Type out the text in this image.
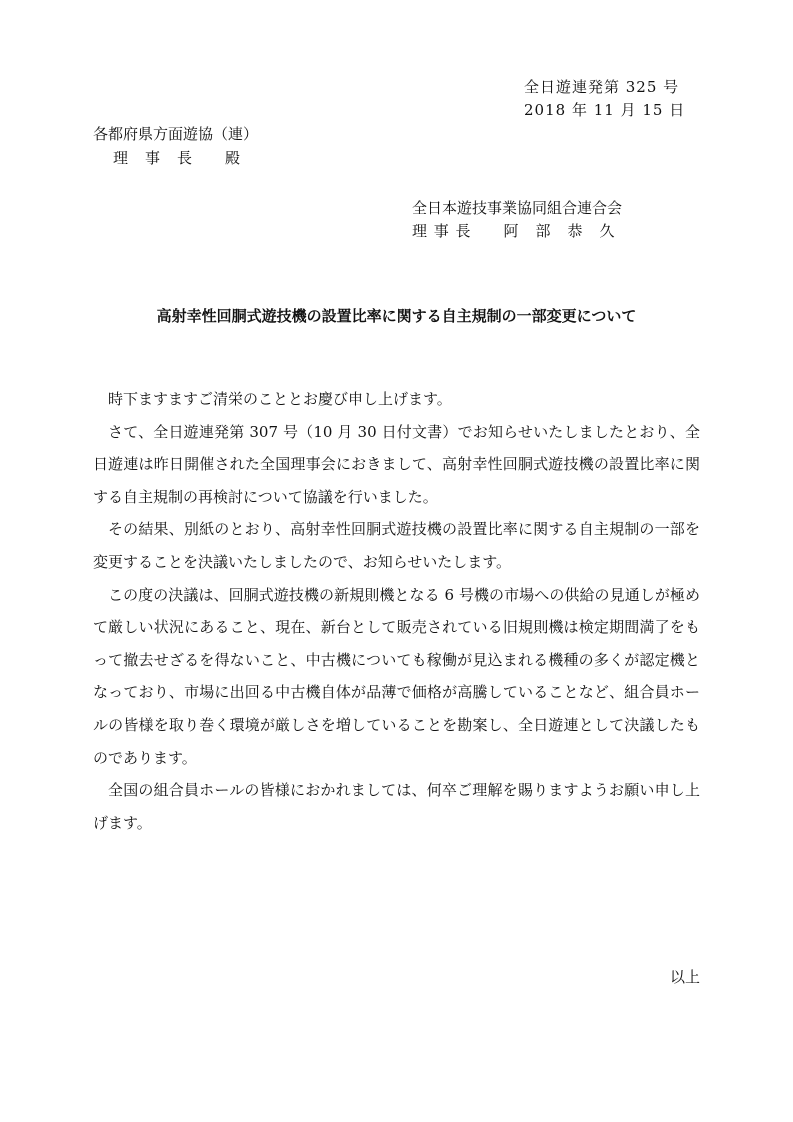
全日遊連発第 325 号
2018 年 11 月 15 日
各都府県方面遊協（連）
理　事　長　　殿
全日本遊技事業協同組合連合会
理 事 長　　阿　部　恭　久
高射幸性回胴式遊技機の設置比率に関する自主規制の一部変更について

時下ますますご清栄のこととお慶び申し上げます。

さて、全日遊連発第 307 号（10 月 30 日付文書）でお知らせいたしましたとおり、全日遊連は昨日開催された全国理事会におきまして、高射幸性回胴式遊技機の設置比率に関する自主規制の再検討について協議を行いました。

その結果、別紙のとおり、高射幸性回胴式遊技機の設置比率に関する自主規制の一部を変更することを決議いたしましたので、お知らせいたします。

この度の決議は、回胴式遊技機の新規則機となる 6 号機の市場への供給の見通しが極めて厳しい状況にあること、現在、新台として販売されている旧規則機は検定期間満了をもって撤去せざるを得ないこと、中古機についても稼働が見込まれる機種の多くが認定機となっており、市場に出回る中古機自体が品薄で価格が高騰していることなど、組合員ホールの皆様を取り巻く環境が厳しさを増していることを勘案し、全日遊連として決議したものであります。

全国の組合員ホールの皆様におかれましては、何卒ご理解を賜りますようお願い申し上げます。

以上
